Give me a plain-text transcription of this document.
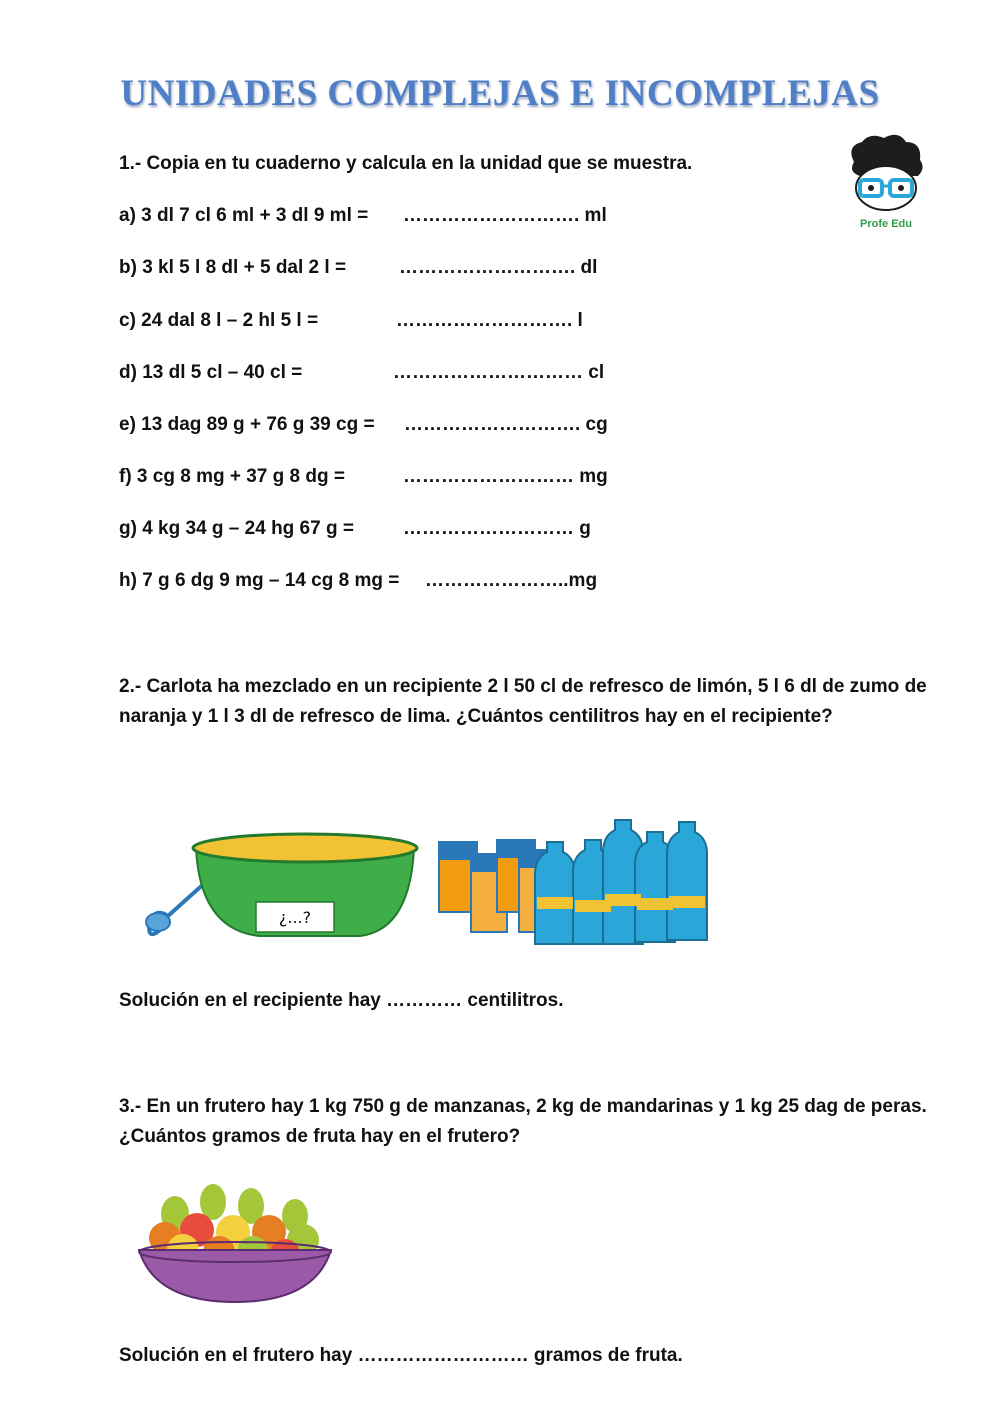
UNIDADES COMPLEJAS E INCOMPLEJAS
Profe Edu
1.- Copia en tu cuaderno y calcula en la unidad que se muestra.
a) 3 dl 7 cl 6 ml + 3 dl 9 ml = ………………………. ml
b) 3 kl 5 l 8 dl + 5 dal 2 l =	………………………. dl
c) 24 dal 8 l – 2 hl 5 l =	………………………. l
d) 13 dl 5 cl – 40 cl =	………………………… cl
e) 13 dag 89 g + 76 g 39 cg = ………………………. cg
f) 3 cg 8 mg + 37 g 8 dg =	……………………… mg
g) 4 kg 34 g – 24 hg 67 g =	……………………… g
h) 7 g 6 dg 9 mg – 14 cg 8 mg = …………………..mg
2.- Carlota ha mezclado en un recipiente 2 l 50 cl de refresco de limón, 5 l 6 dl de zumo de naranja y 1 l 3 dl de refresco de lima. ¿Cuántos centilitros hay en el recipiente?
¿...?
Solución en el recipiente hay ………… centilitros.
3.- En un frutero hay 1 kg 750 g de manzanas, 2 kg de mandarinas y 1 kg 25 dag de peras. ¿Cuántos gramos de fruta hay en el frutero?
Solución en el frutero hay ……………………… gramos de fruta.
